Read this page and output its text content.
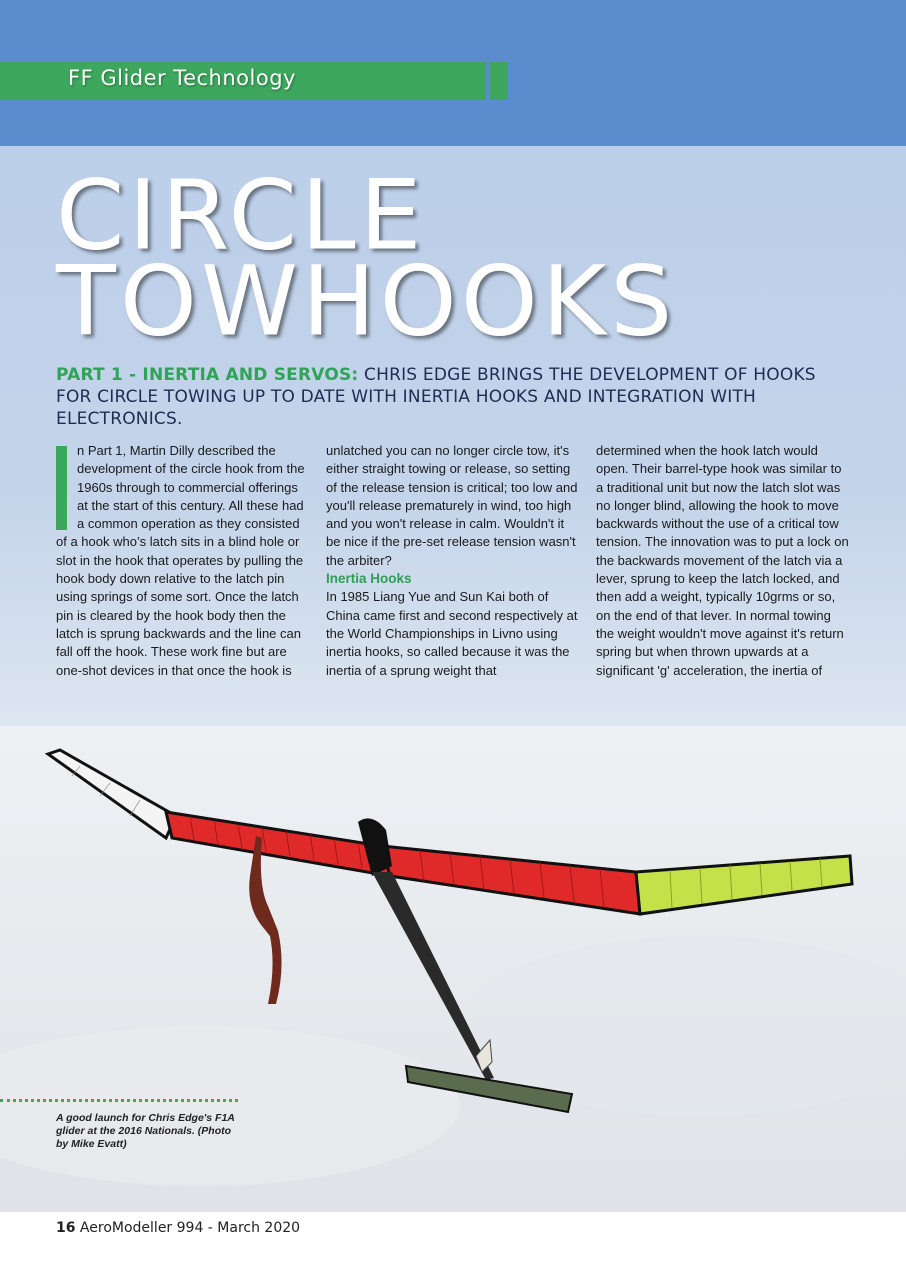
FF Glider Technology
CIRCLE
TOWHOOKS
PART 1 - INERTIA AND SERVOS: CHRIS EDGE BRINGS THE DEVELOPMENT OF HOOKS FOR CIRCLE TOWING UP TO DATE WITH INERTIA HOOKS AND INTEGRATION WITH ELECTRONICS.

n Part 1, Martin Dilly described the development of the circle hook from the 1960s through to commercial offerings at the start of this century. All these had a common operation as they consisted of a hook who’s latch sits in a blind hole or slot in the hook that operates by pulling the hook body down relative to the latch pin using springs of some sort. Once the latch pin is cleared by the hook body then the latch is sprung backwards and the line can fall off the hook. These work fine but are one-shot devices in that once the hook is

unlatched you can no longer circle tow, it's either straight towing or release, so setting of the release tension is critical; too low and you'll release prematurely in wind, too high and you won't release in calm. Wouldn't it be nice if the pre-set release tension wasn't the arbiter?

Inertia Hooks

In 1985 Liang Yue and Sun Kai both of China came first and second respectively at the World Championships in Livno using inertia hooks, so called because it was the inertia of a sprung weight that

determined when the hook latch would open. Their barrel-type hook was similar to a traditional unit but now the latch slot was no longer blind, allowing the hook to move backwards without the use of a critical tow tension. The innovation was to put a lock on the backwards movement of the latch via a lever, sprung to keep the latch locked, and then add a weight, typically 10grms or so, on the end of that lever. In normal towing the weight wouldn't move against it's return spring but when thrown upwards at a significant 'g' acceleration, the inertia of

A good launch for Chris Edge's F1A glider at the 2016 Nationals. (Photo by Mike Evatt)
16 AeroModeller 994 - March 2020
